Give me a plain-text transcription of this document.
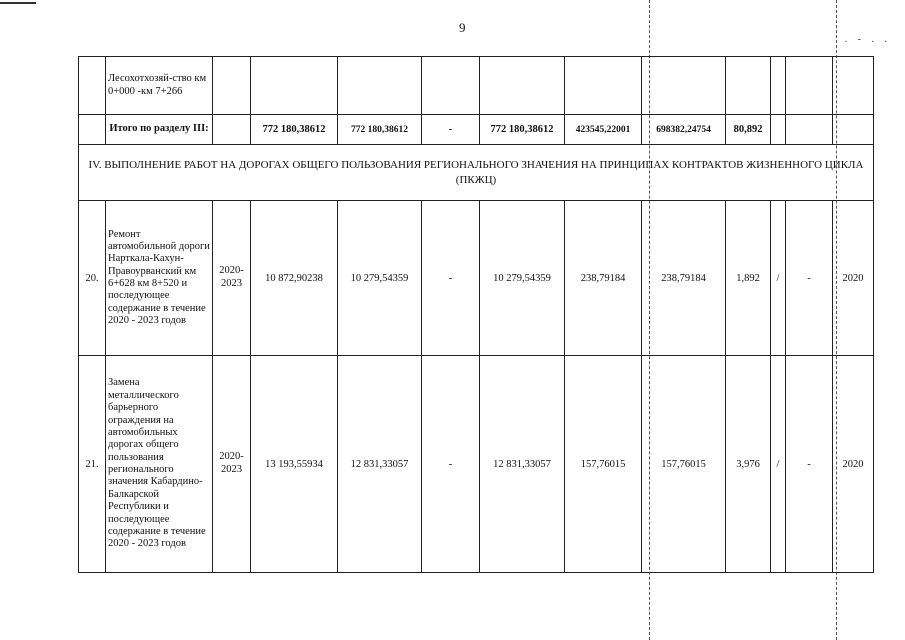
9
. - . .
	Лесохотхозяй-ство км 0+000 -км 7+266											
	Итого по разделу III:		772 180,38612	772 180,38612	-	772 180,38612	423545,22001	698382,24754	80,892			
IV. ВЫПОЛНЕНИЕ РАБОТ НА ДОРОГАХ ОБЩЕГО ПОЛЬЗОВАНИЯ РЕГИОНАЛЬНОГО ЗНАЧЕНИЯ НА ПРИНЦИПАХ КОНТРАКТОВ ЖИЗНЕННОГО ЦИКЛА (ПКЖЦ)												
20.	Ремонт автомобильной дороги Нарткала-Кахун-Правоурванский км 6+628 км 8+520 и последующее содержание в течение 2020 - 2023 годов	2020-2023	10 872,90238	10 279,54359	-	10 279,54359	238,79184	238,79184	1,892	/	-	2020
21.	Замена металлического барьерного ограждения на автомобильных дорогах общего пользования регионального значения Кабардино-Балкарской Республики и последующее содержание в течение 2020 - 2023 годов	2020-2023	13 193,55934	12 831,33057	-	12 831,33057	157,76015	157,76015	3,976	/	-	2020
